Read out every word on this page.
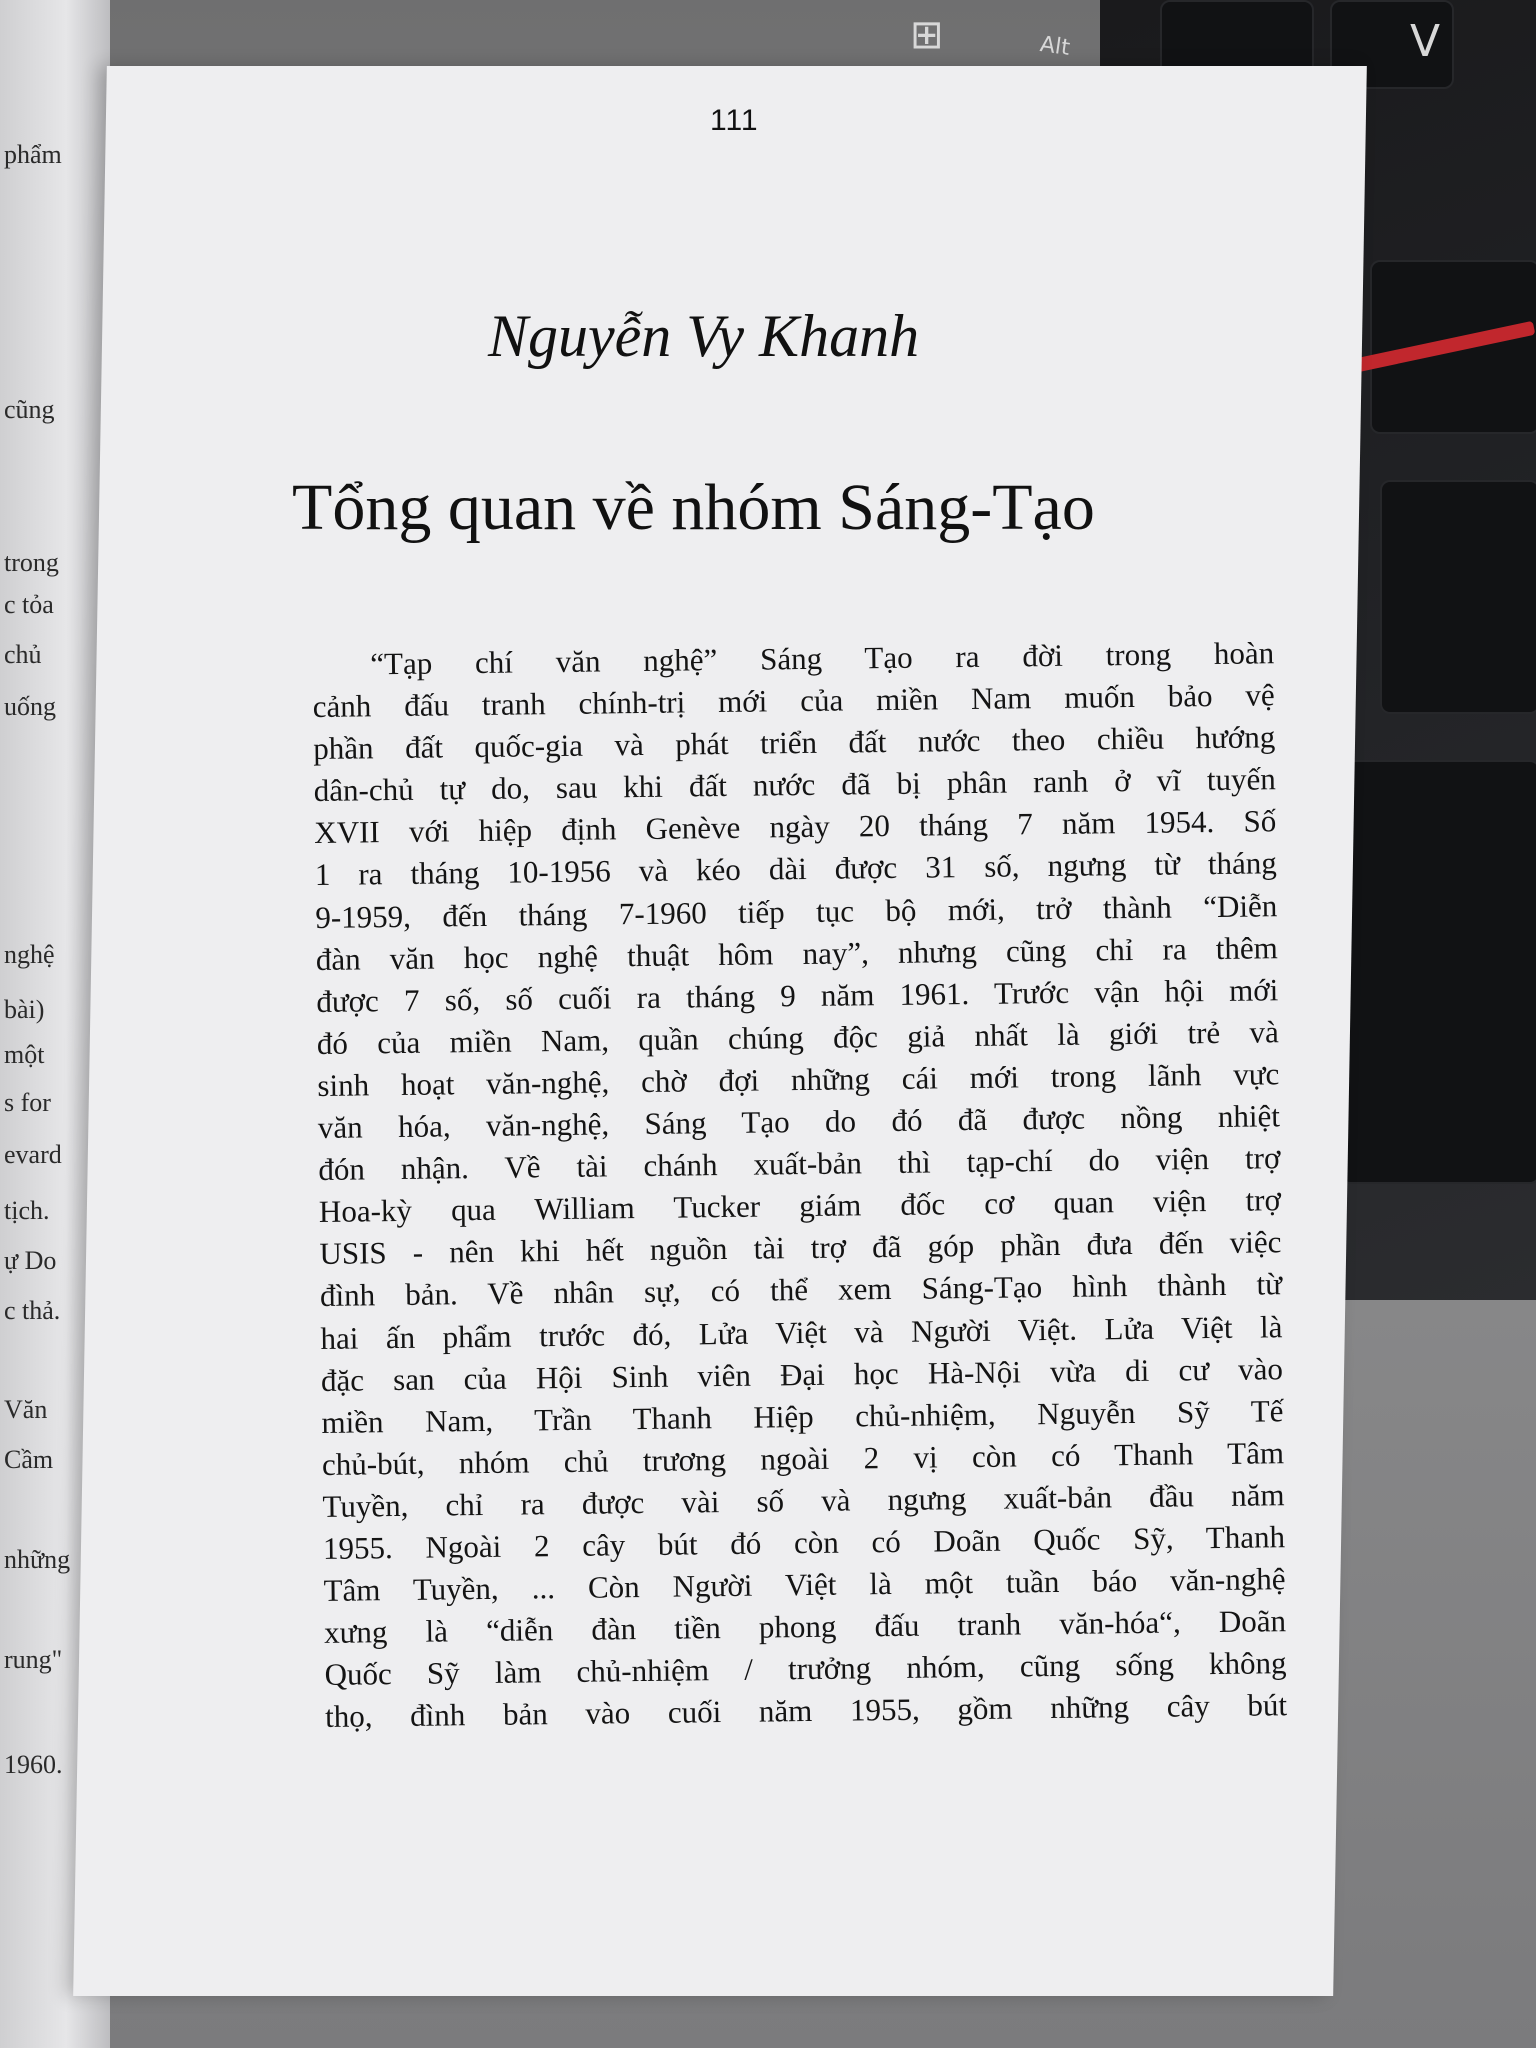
⊞	Alt	V
phẩm
cũng
trong
c tỏa
chủ
uống
nghệ
bài)
một
s for
evard
tịch.
ự Do
c thả.
Văn
Cầm
những
rung"
1960.
111
Nguyễn Vy Khanh
Tổng quan về nhóm Sáng-Tạo
“Tạp chí văn nghệ” Sáng Tạo ra đời trong hoàn
cảnh đấu tranh chính-trị mới của miền Nam muốn bảo vệ
phần đất quốc-gia và phát triển đất nước theo chiều hướng
dân-chủ tự do, sau khi đất nước đã bị phân ranh ở vĩ tuyến
XVII với hiệp định Genève ngày 20 tháng 7 năm 1954. Số
1 ra tháng 10-1956 và kéo dài được 31 số, ngưng từ tháng
9-1959, đến tháng 7-1960 tiếp tục bộ mới, trở thành “Diễn
đàn văn học nghệ thuật hôm nay”, nhưng cũng chỉ ra thêm
được 7 số, số cuối ra tháng 9 năm 1961. Trước vận hội mới
đó của miền Nam, quần chúng độc giả nhất là giới trẻ và
sinh hoạt văn-nghệ, chờ đợi những cái mới trong lãnh vực
văn hóa, văn-nghệ, Sáng Tạo do đó đã được nồng nhiệt
đón nhận. Về tài chánh xuất-bản thì tạp-chí do viện trợ
Hoa-kỳ qua William Tucker giám đốc cơ quan viện trợ
USIS - nên khi hết nguồn tài trợ đã góp phần đưa đến việc
đình bản. Về nhân sự, có thể xem Sáng-Tạo hình thành từ
hai ấn phẩm trước đó, Lửa Việt và Người Việt. Lửa Việt là
đặc san của Hội Sinh viên Đại học Hà-Nội vừa di cư vào
miền Nam, Trần Thanh Hiệp chủ-nhiệm, Nguyễn Sỹ Tế
chủ-bút, nhóm chủ trương ngoài 2 vị còn có Thanh Tâm
Tuyền, chỉ ra được vài số và ngưng xuất-bản đầu năm
1955. Ngoài 2 cây bút đó còn có Doãn Quốc Sỹ, Thanh
Tâm Tuyền, ... Còn Người Việt là một tuần báo văn-nghệ
xưng là “diễn đàn tiền phong đấu tranh văn-hóa“, Doãn
Quốc Sỹ làm chủ-nhiệm / trưởng nhóm, cũng sống không
thọ, đình bản vào cuối năm 1955, gồm những cây bút
